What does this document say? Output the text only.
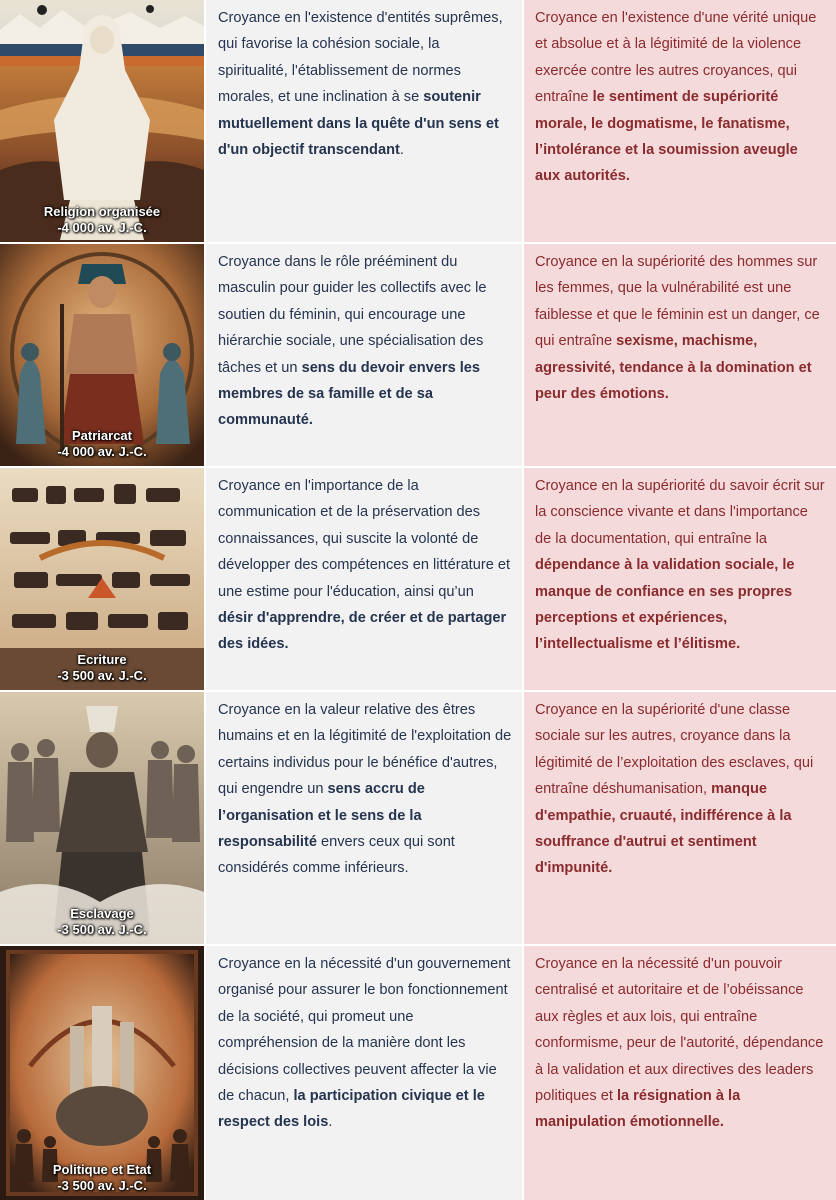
Religion organisée
-4 000 av. J.-C.

Croyance en l'existence d'entités suprêmes, qui favorise la cohésion sociale, la spiritualité, l'établissement de normes morales, et une inclination à se soutenir mutuellement dans la quête d'un sens et d'un objectif transcendant.

Croyance en l'existence d'une vérité unique et absolue et à la légitimité de la violence exercée contre les autres croyances, qui entraîne le sentiment de supériorité morale, le dogmatisme, le fanatisme, l’intolérance et la soumission aveugle aux autorités.

Patriarcat
-4 000 av. J.-C.

Croyance dans le rôle prééminent du masculin pour guider les collectifs avec le soutien du féminin, qui encourage une hiérarchie sociale, une spécialisation des tâches et un sens du devoir envers les membres de sa famille et de sa communauté.

Croyance en la supériorité des hommes sur les femmes, que la vulnérabilité est une faiblesse et que le féminin est un danger, ce qui entraîne sexisme, machisme, agressivité, tendance à la domination et peur des émotions.

Ecriture
-3 500 av. J.-C.

Croyance en l'importance de la communication et de la préservation des connaissances, qui suscite la volonté de développer des compétences en littérature et une estime pour l'éducation, ainsi qu’un désir d'apprendre, de créer et de partager des idées.

Croyance en la supériorité du savoir écrit sur la conscience vivante et dans l'importance de la documentation, qui entraîne la dépendance à la validation sociale, le manque de confiance en ses propres perceptions et expériences, l’intellectualisme et l’élitisme.

Esclavage
-3 500 av. J.-C.

Croyance en la valeur relative des êtres humains et en la légitimité de l'exploitation de certains individus pour le bénéfice d'autres, qui engendre un sens accru de l’organisation et le sens de la responsabilité envers ceux qui sont considérés comme inférieurs.

Croyance en la supériorité d'une classe sociale sur les autres, croyance dans la légitimité de l’exploitation des esclaves, qui entraîne déshumanisation, manque d'empathie, cruauté, indifférence à la souffrance d'autrui et sentiment d'impunité.

Politique et Etat
-3 500 av. J.-C.

Croyance en la nécessité d'un gouvernement organisé pour assurer le bon fonctionnement de la société, qui promeut une compréhension de la manière dont les décisions collectives peuvent affecter la vie de chacun, la participation civique et le respect des lois.

Croyance en la nécessité d'un pouvoir centralisé et autoritaire et de l’obéissance aux règles et aux lois, qui entraîne conformisme, peur de l'autorité, dépendance à la validation et aux directives des leaders politiques et la résignation à la manipulation émotionnelle.
